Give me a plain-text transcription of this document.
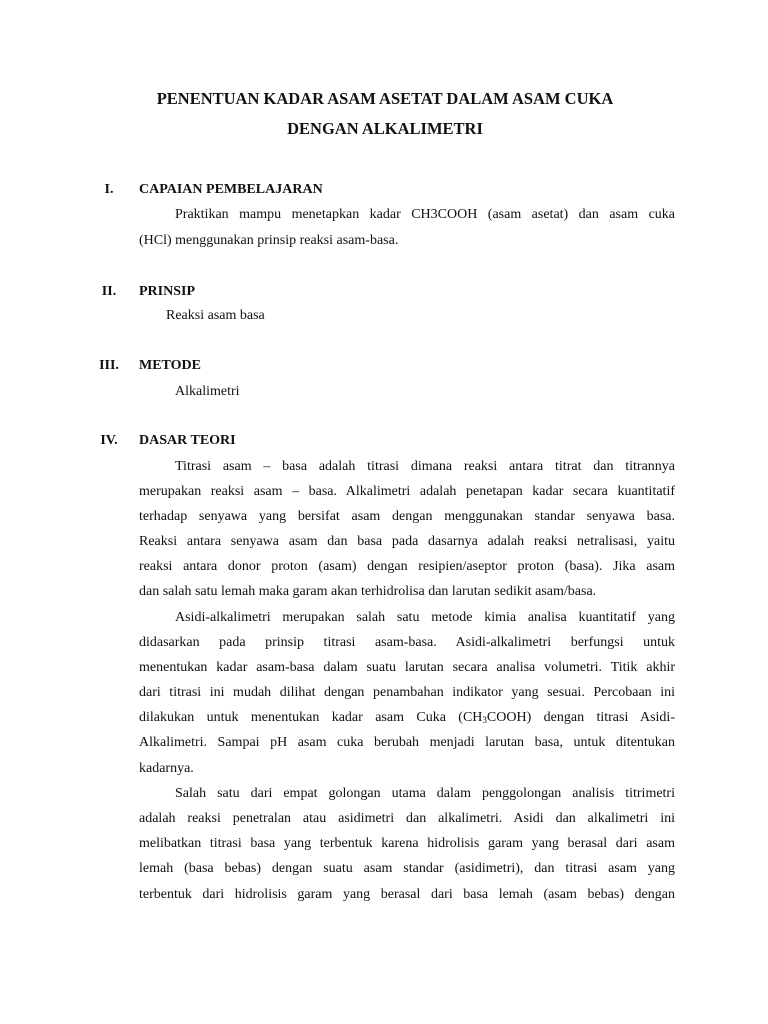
PENENTUAN KADAR ASAM ASETAT DALAM ASAM CUKA
DENGAN ALKALIMETRI
I.	CAPAIAN PEMBELAJARAN
Praktikan mampu menetapkan kadar CH3COOH (asam asetat) dan asam cuka
(HCl) menggunakan prinsip reaksi asam-basa.
II.	PRINSIP
Reaksi asam basa
III.	METODE
Alkalimetri
IV.	DASAR TEORI
Titrasi asam – basa adalah titrasi dimana reaksi antara titrat dan titrannya
merupakan reaksi asam – basa. Alkalimetri adalah penetapan kadar secara kuantitatif
terhadap senyawa yang bersifat asam dengan menggunakan standar senyawa basa.
Reaksi antara senyawa asam dan basa pada dasarnya adalah reaksi netralisasi, yaitu
reaksi antara donor proton (asam) dengan resipien/aseptor proton (basa). Jika asam
dan salah satu lemah maka garam akan terhidrolisa dan larutan sedikit asam/basa.
Asidi-alkalimetri merupakan salah satu metode kimia analisa kuantitatif yang
didasarkan pada prinsip titrasi asam-basa. Asidi-alkalimetri berfungsi untuk
menentukan kadar asam-basa dalam suatu larutan secara analisa volumetri. Titik akhir
dari titrasi ini mudah dilihat dengan penambahan indikator yang sesuai. Percobaan ini
dilakukan untuk menentukan kadar asam Cuka $(CH_3COOH)$ dengan titrasi Asidi-
Alkalimetri. Sampai pH asam cuka berubah menjadi larutan basa, untuk ditentukan
kadarnya.
Salah satu dari empat golongan utama dalam penggolongan analisis titrimetri
adalah reaksi penetralan atau asidimetri dan alkalimetri. Asidi dan alkalimetri ini
melibatkan titrasi basa yang terbentuk karena hidrolisis garam yang berasal dari asam
lemah (basa bebas) dengan suatu asam standar (asidimetri), dan titrasi asam yang
terbentuk dari hidrolisis garam yang berasal dari basa lemah (asam bebas) dengan
